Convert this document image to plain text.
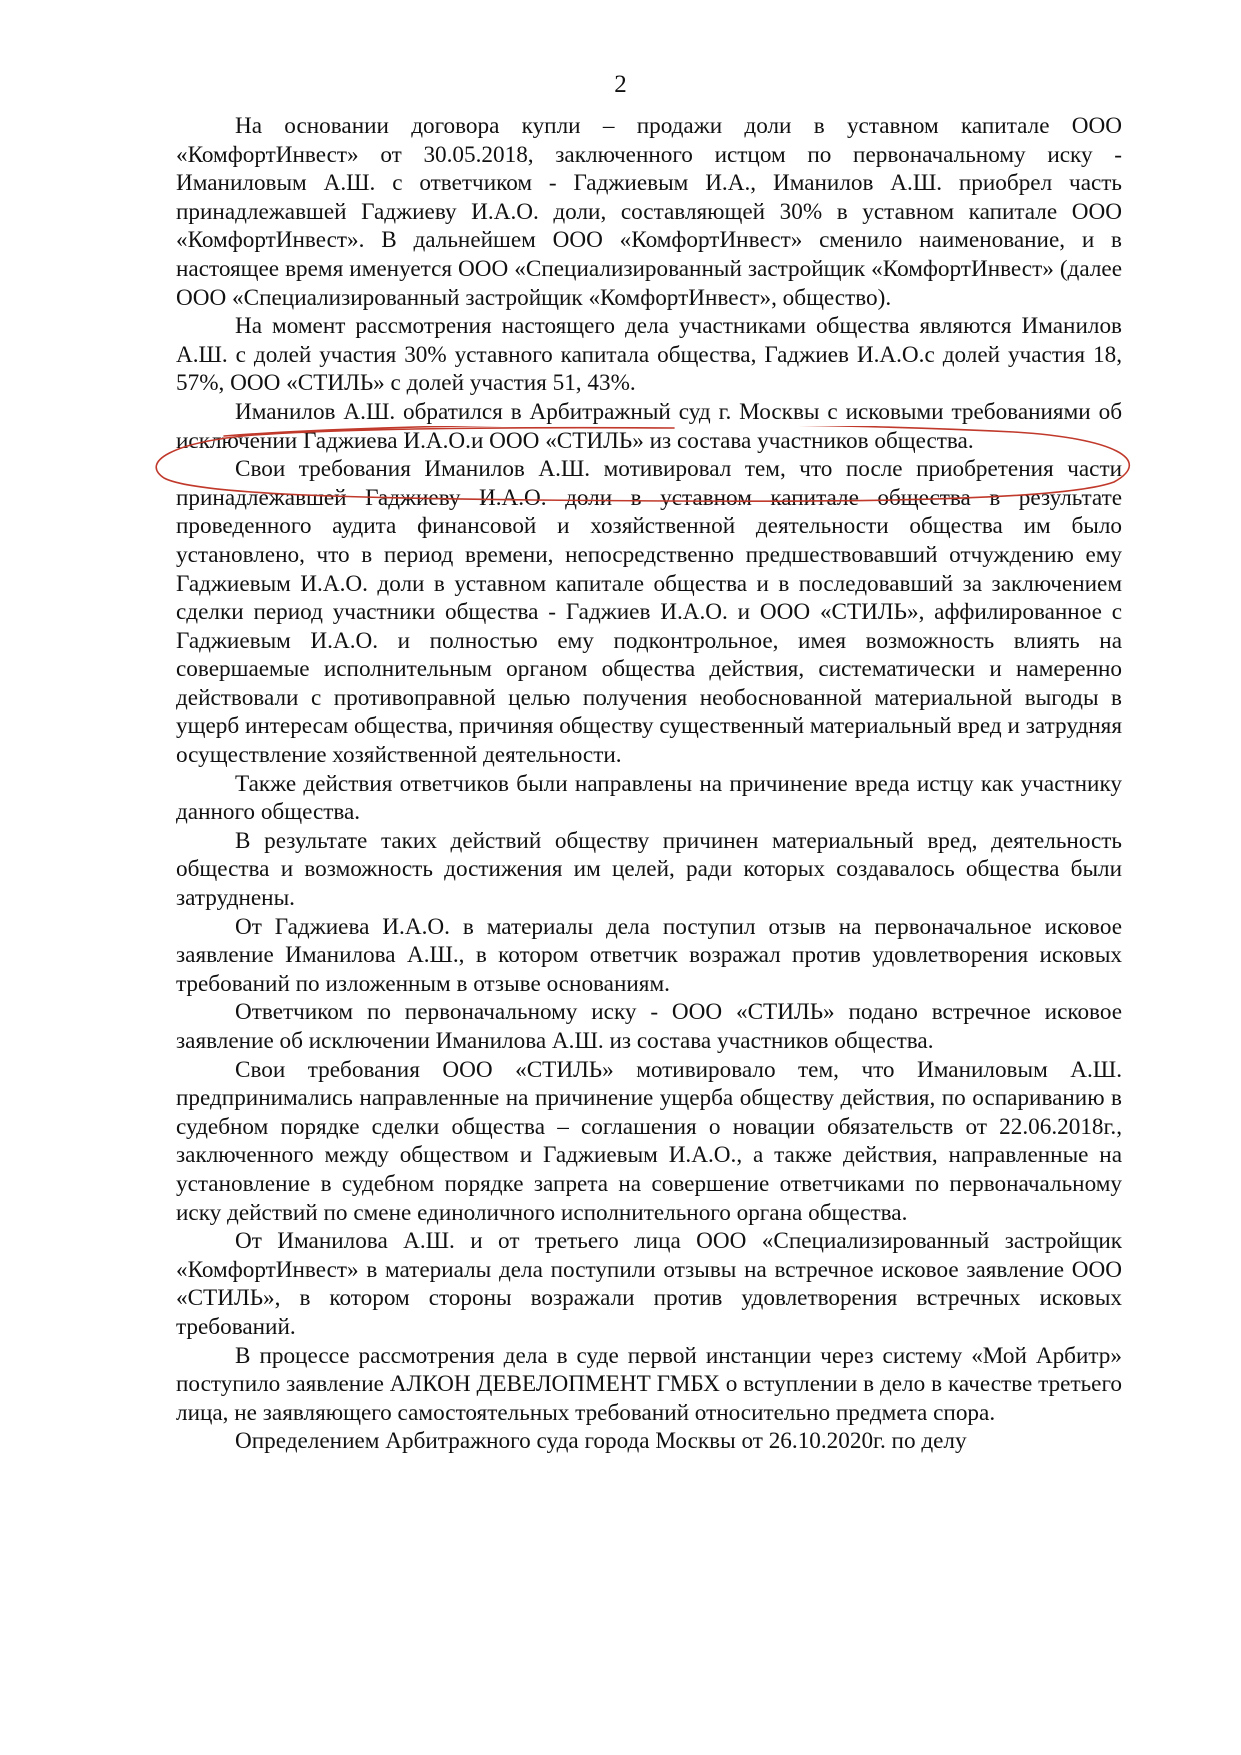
2

На основании договора купли – продажи доли в уставном капитале ООО «КомфортИнвест» от 30.05.2018, заключенного истцом по первоначальному иску - Иманиловым А.Ш. с ответчиком - Гаджиевым И.А., Иманилов А.Ш. приобрел часть принадлежавшей Гаджиеву И.А.О. доли, составляющей 30% в уставном капитале ООО «КомфортИнвест». В дальнейшем ООО «КомфортИнвест» сменило наименование, и в настоящее время именуется ООО «Специализированный застройщик «КомфортИнвест» (далее ООО «Специализированный застройщик «КомфортИнвест», общество).

На момент рассмотрения настоящего дела участниками общества являются Иманилов А.Ш. с долей участия 30% уставного капитала общества, Гаджиев И.А.О.с долей участия 18, 57%, ООО «СТИЛЬ» с долей участия 51, 43%.

Иманилов А.Ш. обратился в Арбитражный суд г. Москвы с исковыми требованиями об исключении Гаджиева И.А.О.и ООО «СТИЛЬ» из состава участников общества.

Свои требования Иманилов А.Ш. мотивировал тем, что после приобретения части принадлежавшей Гаджиеву И.А.О. доли в уставном капитале общества в результате проведенного аудита финансовой и хозяйственной деятельности общества им было установлено, что в период времени, непосредственно предшествовавший отчуждению ему Гаджиевым И.А.О. доли в уставном капитале общества и в последовавший за заключением сделки период участники общества - Гаджиев И.А.О. и ООО «СТИЛЬ», аффилированное с Гаджиевым И.А.О. и полностью ему подконтрольное, имея возможность влиять на совершаемые исполнительным органом общества действия, систематически и намеренно действовали с противоправной целью получения необоснованной материальной выгоды в ущерб интересам общества, причиняя обществу существенный материальный вред и затрудняя осуществление хозяйственной деятельности.

Также действия ответчиков были направлены на причинение вреда истцу как участнику данного общества.

В результате таких действий обществу причинен материальный вред, деятельность общества и возможность достижения им целей, ради которых создавалось общества были затруднены.

От Гаджиева И.А.О. в материалы дела поступил отзыв на первоначальное исковое заявление Иманилова А.Ш., в котором ответчик возражал против удовлетворения исковых требований по изложенным в отзыве основаниям.

Ответчиком по первоначальному иску - ООО «СТИЛЬ» подано встречное исковое заявление об исключении Иманилова А.Ш. из состава участников общества.

Свои требования ООО «СТИЛЬ» мотивировало тем, что Иманиловым А.Ш. предпринимались направленные на причинение ущерба обществу действия, по оспариванию в судебном порядке сделки общества – соглашения о новации обязательств от 22.06.2018г., заключенного между обществом и Гаджиевым И.А.О., а также действия, направленные на установление в судебном порядке запрета на совершение ответчиками по первоначальному иску действий по смене единоличного исполнительного органа общества.

От Иманилова А.Ш. и от третьего лица ООО «Специализированный застройщик «КомфортИнвест» в материалы дела поступили отзывы на встречное исковое заявление ООО «СТИЛЬ», в котором стороны возражали против удовлетворения встречных исковых требований.

В процессе рассмотрения дела в суде первой инстанции через систему «Мой Арбитр» поступило заявление АЛКОН ДЕВЕЛОПМЕНТ ГМБХ о вступлении в дело в качестве третьего лица, не заявляющего самостоятельных требований относительно предмета спора.

Определением Арбитражного суда города Москвы от 26.10.2020г. по делу
